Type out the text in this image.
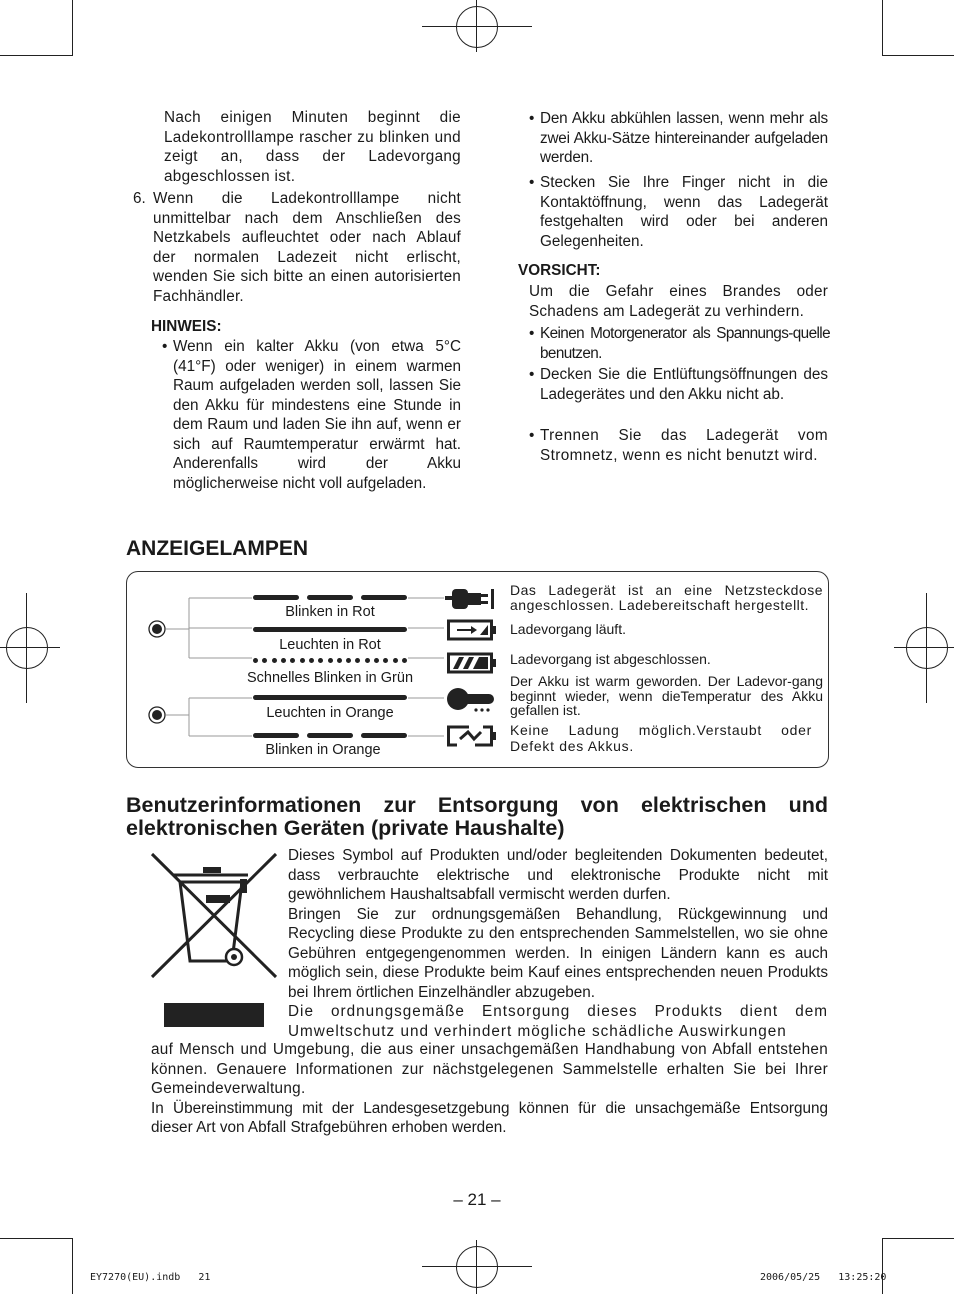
Nach einigen Minuten beginnt die Ladekontrolllampe rascher zu blinken und zeigt an, dass der Ladevorgang abgeschlossen ist.
6. Wenn die Ladekontrolllampe nicht unmittelbar nach dem Anschließen des Netzkabels aufleuchtet oder nach Ablauf der normalen Ladezeit nicht erlischt, wenden Sie sich bitte an einen autorisierten Fachhändler.
HINWEIS:
• Wenn ein kalter Akku (von etwa 5°C (41°F) oder weniger) in einem warmen Raum aufgeladen werden soll, lassen Sie den Akku für mindestens eine Stunde in dem Raum und laden Sie ihn auf, wenn er sich auf Raumtemperatur erwärmt hat. Anderenfalls wird der Akku möglicherweise nicht voll aufgeladen.
• Den Akku abkühlen lassen, wenn mehr als zwei Akku-Sätze hintereinander aufgeladen werden.
• Stecken Sie Ihre Finger nicht in die Kontaktöffnung, wenn das Ladegerät festgehalten wird oder bei anderen Gelegenheiten.
VORSICHT:
Um die Gefahr eines Brandes oder Schadens am Ladegerät zu verhindern.
• Keinen Motorgenerator als Spannungs-quelle benutzen.
• Decken Sie die Entlüftungsöffnungen des Ladegerätes und den Akku nicht ab.
• Trennen Sie das Ladegerät vom Stromnetz, wenn es nicht benutzt wird.
ANZEIGELAMPEN
Blinken in Rot
Leuchten in Rot
Schnelles Blinken in Grün
Leuchten in Orange
Blinken in Orange
Das Ladegerät ist an eine Netzsteckdose angeschlossen. Ladebereitschaft hergestellt.
Ladevorgang läuft.
Ladevorgang ist abgeschlossen.
Der Akku ist warm geworden. Der Ladevor-gang beginnt wieder, wenn dieTemperatur des Akku gefallen ist.
Keine Ladung möglich.Verstaubt oder Defekt des Akkus.
Benutzerinformationen zur Entsorgung von elektrischen und elektronischen Geräten (private Haushalte)

Dieses Symbol auf Produkten und/oder begleitenden Dokumenten bedeutet, dass verbrauchte elektrische und elektronische Produkte nicht mit gewöhnlichem Haushaltsabfall vermischt werden durfen.

Bringen Sie zur ordnungsgemäßen Behandlung, Rückgewinnung und Recycling diese Produkte zu den entsprechenden Sammelstellen, wo sie ohne Gebühren entgegengenommen werden. In einigen Ländern kann es auch möglich sein, diese Produkte beim Kauf eines entsprechenden neuen Produkts bei Ihrem örtlichen Einzelhändler abzugeben.

Die ordnungsgemäße Entsorgung dieses Produkts dient dem Umweltschutz und verhindert mögliche schädliche Auswirkungen

auf Mensch und Umgebung, die aus einer unsachgemäßen Handhabung von Abfall entstehen können. Genauere Informationen zur nächstgelegenen Sammelstelle erhalten Sie bei Ihrer Gemeindeverwaltung.

In Übereinstimmung mit der Landesgesetzgebung können für die unsachgemäße Entsorgung dieser Art von Abfall Strafgebühren erhoben werden.

– 21 –
EY7270(EU).indb   21	2006/05/25   13:25:20
